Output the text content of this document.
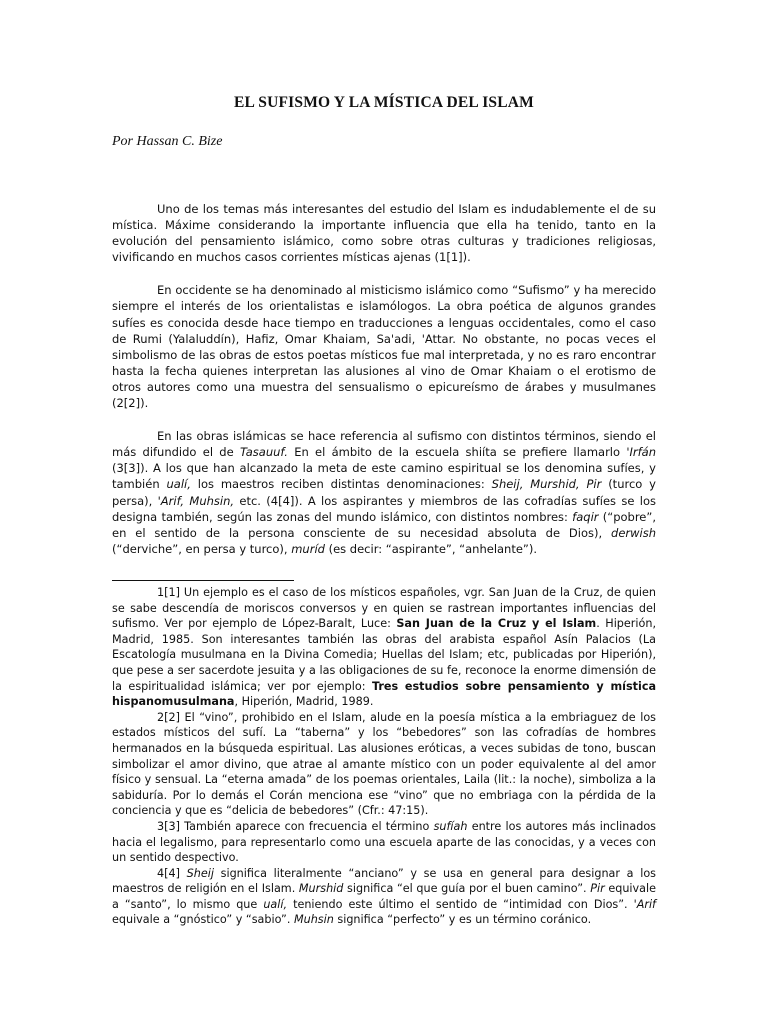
EL SUFISMO Y LA MÍSTICA DEL ISLAM
Por Hassan C. Bize

Uno de los temas más interesantes del estudio del Islam es indudablemente el de su mística. Máxime considerando la importante influencia que ella ha tenido, tanto en la evolución del pensamiento islámico, como sobre otras culturas y tradiciones religiosas, vivificando en muchos casos corrientes místicas ajenas (1[1]).

En occidente se ha denominado al misticismo islámico como “Sufismo” y ha merecido siempre el interés de los orientalistas e islamólogos. La obra poética de algunos grandes sufíes es conocida desde hace tiempo en traducciones a lenguas occidentales, como el caso de Rumi (Yalaluddín), Hafiz, Omar Khaiam, Sa'adi, 'Attar. No obstante, no pocas veces el simbolismo de las obras de estos poetas místicos fue mal interpretada, y no es raro encontrar hasta la fecha quienes interpretan las alusiones al vino de Omar Khaiam o el erotismo de otros autores como una muestra del sensualismo o epicureísmo de árabes y musulmanes (2[2]).

En las obras islámicas se hace referencia al sufismo con distintos términos, siendo el más difundido el de Tasauuf. En el ámbito de la escuela shiíta se prefiere llamarlo 'Irfán (3[3]). A los que han alcanzado la meta de este camino espiritual se los denomina sufíes, y también ualí, los maestros reciben distintas denominaciones: Sheij, Murshid, Pir (turco y persa), 'Arif, Muhsin, etc. (4[4]). A los aspirantes y miembros de las cofradías sufíes se los designa también, según las zonas del mundo islámico, con distintos nombres: faqir (“pobre”, en el sentido de la persona consciente de su necesidad absoluta de Dios), derwish (“derviche”, en persa y turco), muríd (es decir: “aspirante”, “anhelante”).

1[1] Un ejemplo es el caso de los místicos españoles, vgr. San Juan de la Cruz, de quien se sabe descendía de moriscos conversos y en quien se rastrean importantes influencias del sufismo. Ver por ejemplo de López-Baralt, Luce: San Juan de la Cruz y el Islam. Hiperión, Madrid, 1985. Son interesantes también las obras del arabista español Asín Palacios (La Escatología musulmana en la Divina Comedia; Huellas del Islam; etc, publicadas por Hiperión), que pese a ser sacerdote jesuita y a las obligaciones de su fe, reconoce la enorme dimensión de la espiritualidad islámica; ver por ejemplo: Tres estudios sobre pensamiento y mística hispanomusulmana, Hiperión, Madrid, 1989.

2[2] El “vino”, prohibido en el Islam, alude en la poesía mística a la embriaguez de los estados místicos del sufí. La “taberna” y los “bebedores” son las cofradías de hombres hermanados en la búsqueda espiritual. Las alusiones eróticas, a veces subidas de tono, buscan simbolizar el amor divino, que atrae al amante místico con un poder equivalente al del amor físico y sensual. La “eterna amada” de los poemas orientales, Laila (lit.: la noche), simboliza a la sabiduría. Por lo demás el Corán menciona ese “vino” que no embriaga con la pérdida de la conciencia y que es “delicia de bebedores” (Cfr.: 47:15).

3[3] También aparece con frecuencia el término sufíah entre los autores más inclinados hacia el legalismo, para representarlo como una escuela aparte de las conocidas, y a veces con un sentido despectivo.

4[4] Sheij significa literalmente “anciano” y se usa en general para designar a los maestros de religión en el Islam. Murshid significa “el que guía por el buen camino”. Pir equivale a “santo”, lo mismo que ualí, teniendo este último el sentido de “intimidad con Dios”. 'Arif equivale a “gnóstico” y “sabio”. Muhsin significa “perfecto” y es un término coránico.
